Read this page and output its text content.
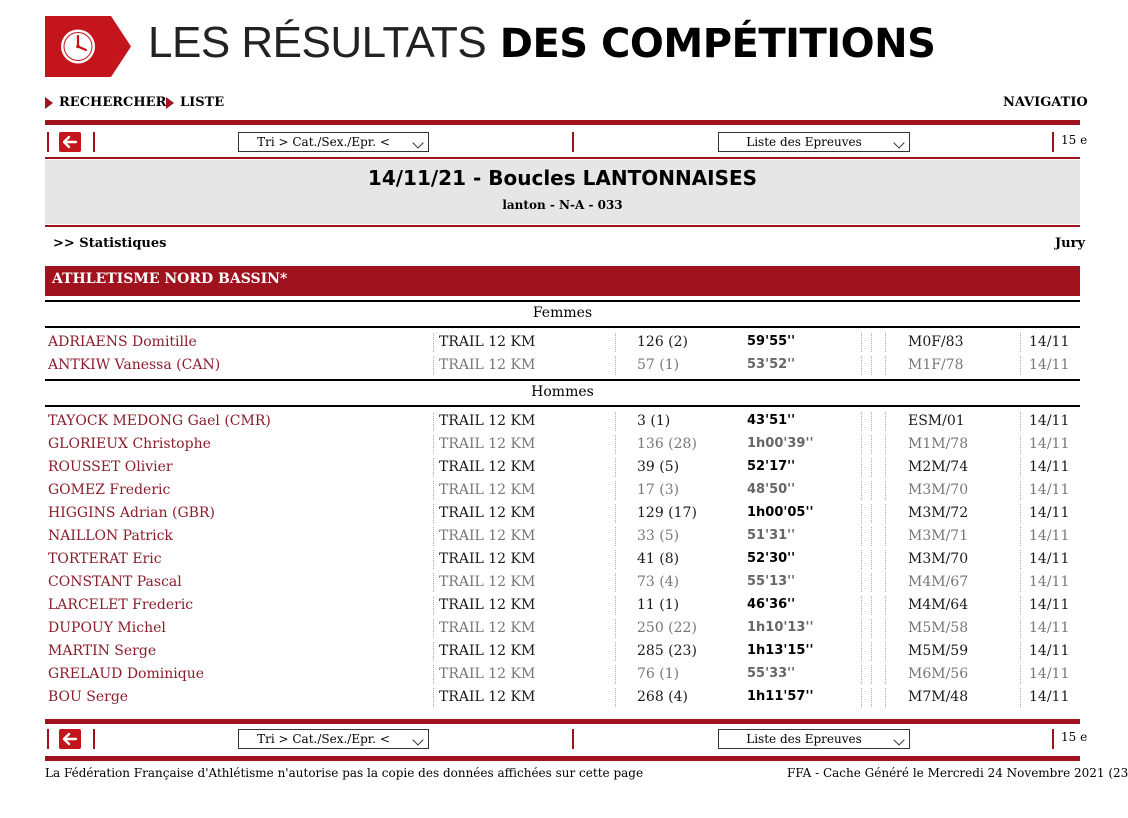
LES RÉSULTATS DES COMPÉTITIONS
RECHERCHER LISTE	NAVIGATIO
Tri > Cat./Sex./Epr. <	Liste des Epreuves	15 e
14/11/21 - Boucles LANTONNAISES
lanton - N-A - 033
>> Statistiques	Jury
ATHLETISME NORD BASSIN*
Femmes
ADRIAENS Domitille	TRAIL 12 KM	126 (2)	59'55''	M0F/83	14/11
ANTKIW Vanessa (CAN)	TRAIL 12 KM	57 (1)	53'52''	M1F/78	14/11
Hommes
TAYOCK MEDONG Gael (CMR)	TRAIL 12 KM	3 (1)	43'51''	ESM/01	14/11
GLORIEUX Christophe	TRAIL 12 KM	136 (28)	1h00'39''	M1M/78	14/11
ROUSSET Olivier	TRAIL 12 KM	39 (5)	52'17''	M2M/74	14/11
GOMEZ Frederic	TRAIL 12 KM	17 (3)	48'50''	M3M/70	14/11
HIGGINS Adrian (GBR)	TRAIL 12 KM	129 (17)	1h00'05''	M3M/72	14/11
NAILLON Patrick	TRAIL 12 KM	33 (5)	51'31''	M3M/71	14/11
TORTERAT Eric	TRAIL 12 KM	41 (8)	52'30''	M3M/70	14/11
CONSTANT Pascal	TRAIL 12 KM	73 (4)	55'13''	M4M/67	14/11
LARCELET Frederic	TRAIL 12 KM	11 (1)	46'36''	M4M/64	14/11
DUPOUY Michel	TRAIL 12 KM	250 (22)	1h10'13''	M5M/58	14/11
MARTIN Serge	TRAIL 12 KM	285 (23)	1h13'15''	M5M/59	14/11
GRELAUD Dominique	TRAIL 12 KM	76 (1)	55'33''	M6M/56	14/11
BOU Serge	TRAIL 12 KM	268 (4)	1h11'57''	M7M/48	14/11
Tri > Cat./Sex./Epr. <	Liste des Epreuves	15 e
La Fédération Française d'Athlétisme n'autorise pas la copie des données affichées sur cette page	FFA - Cache Généré le Mercredi 24 Novembre 2021 (23
